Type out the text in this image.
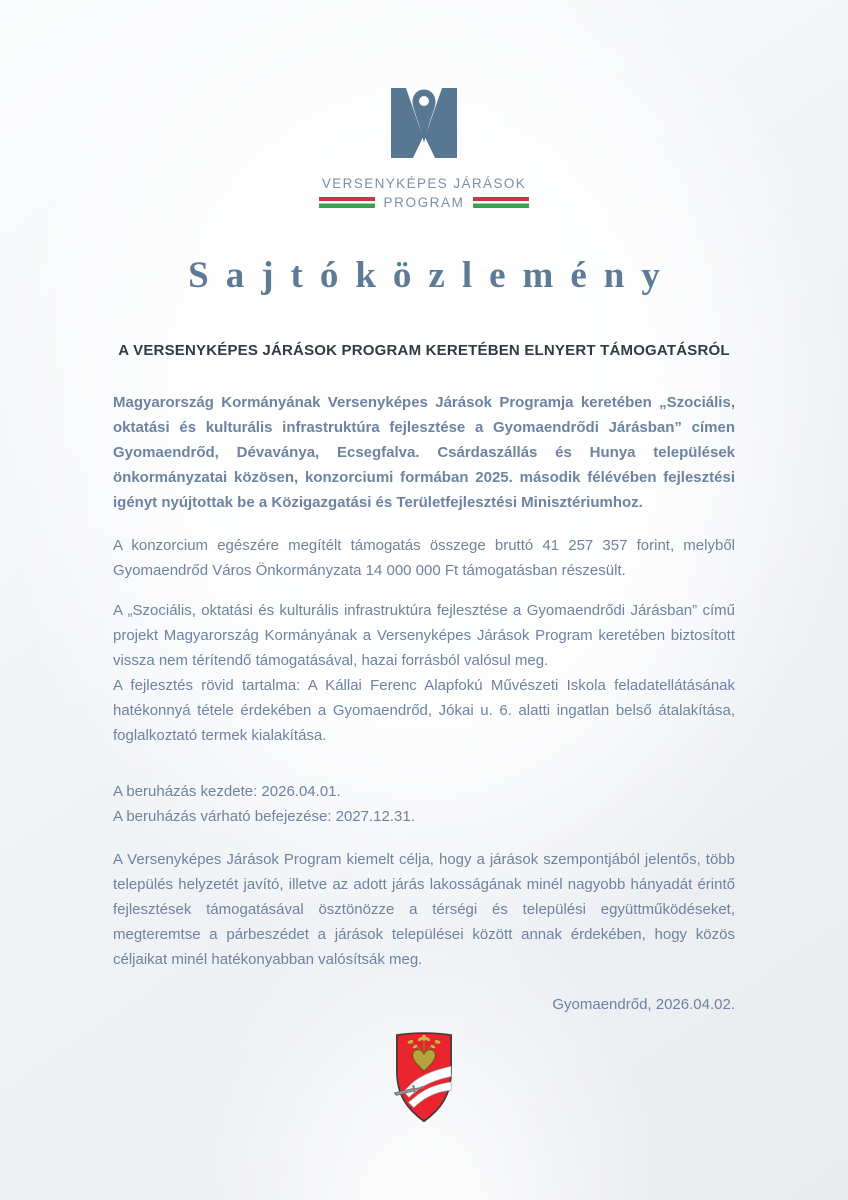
VERSENYKÉPES JÁRÁSOK
PROGRAM
Sajtóközlemény
A VERSENYKÉPES JÁRÁSOK PROGRAM KERETÉBEN ELNYERT TÁMOGATÁSRÓL

Magyarország Kormányának Versenyképes Járások Programja keretében „Szociális, oktatási és kulturális infrastruktúra fejlesztése a Gyomaendrődi Járásban” címen Gyomaendrőd, Dévaványa, Ecsegfalva. Csárdaszállás és Hunya települések önkormányzatai közösen, konzorciumi formában 2025. második félévében fejlesztési igényt nyújtottak be a Közigazgatási és Területfejlesztési Minisztériumhoz.

A konzorcium egészére megítélt támogatás összege bruttó 41 257 357 forint, melyből Gyomaendrőd Város Önkormányzata 14 000 000 Ft támogatásban részesült.

A „Szociális, oktatási és kulturális infrastruktúra fejlesztése a Gyomaendrődi Járásban” című projekt Magyarország Kormányának a Versenyképes Járások Program keretében biztosított vissza nem térítendő támogatásával, hazai forrásból valósul meg.

A fejlesztés rövid tartalma: A Kállai Ferenc Alapfokú Művészeti Iskola feladatellátásának hatékonnyá tétele érdekében a Gyomaendrőd, Jókai u. 6. alatti ingatlan belső átalakítása, foglalkoztató termek kialakítása.

A beruházás kezdete: 2026.04.01.

A beruházás várható befejezése: 2027.12.31.

A Versenyképes Járások Program kiemelt célja, hogy a járások szempontjából jelentős, több település helyzetét javító, illetve az adott járás lakosságának minél nagyobb hányadát érintő fejlesztések támogatásával ösztönözze a térségi és települési együttműködéseket, megteremtse a párbeszédet a járások települései között annak érdekében, hogy közös céljaikat minél hatékonyabban valósítsák meg.

Gyomaendrőd, 2026.04.02.
